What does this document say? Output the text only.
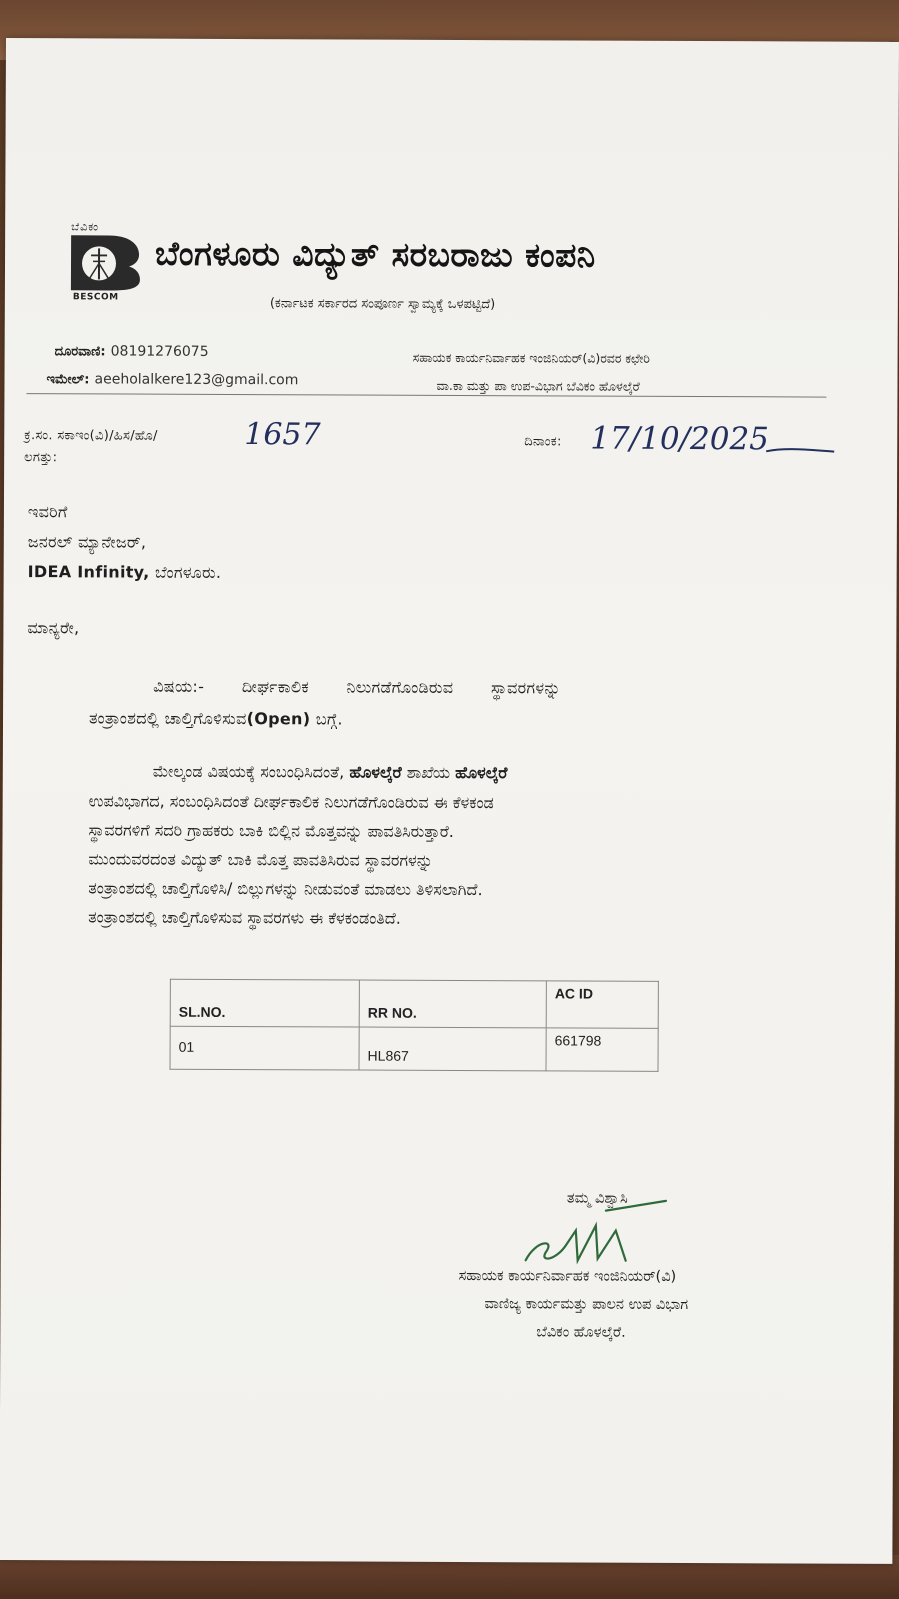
ಬೆವಿಕಂ
BESCOM
ಬೆಂಗಳೂರು ವಿದ್ಯುತ್ ಸರಬರಾಜು ಕಂಪನಿ
(ಕರ್ನಾಟಕ ಸರ್ಕಾರದ ಸಂಪೂರ್ಣ ಸ್ವಾಮ್ಯಕ್ಕೆ ಒಳಪಟ್ಟಿದೆ)
ದೂರವಾಣಿ: 08191276075
ಇಮೇಲ್: aeeholalkere123@gmail.com
ಸಹಾಯಕ ಕಾರ್ಯನಿರ್ವಾಹಕ ಇಂಜಿನಿಯರ್(ವಿ)ರವರ ಕಛೇರಿ
ವಾ.ಕಾ ಮತ್ತು ಪಾ ಉಪ-ವಿಭಾಗ ಬೆವಿಕಂ ಹೊಳಲ್ಕೆರೆ
ಕ್ರ.ಸಂ. ಸಕಾಇಂ(ವಿ)/ಹಿಸ/ಹೊ/	1657
ಲಗತ್ತು:
ದಿನಾಂಕ: 17/10/2025
ಇವರಿಗೆ
ಜನರಲ್ ಮ್ಯಾನೇಜರ್,
IDEA Infinity, ಬೆಂಗಳೂರು.
ಮಾನ್ಯರೇ,
ವಿಷಯ:-       ದೀರ್ಘಕಾಲಿಕ       ನಿಲುಗಡೆಗೊಂಡಿರುವ       ಸ್ಥಾವರಗಳನ್ನು
ತಂತ್ರಾಂಶದಲ್ಲಿ ಚಾಲ್ತಿಗೊಳಿಸುವ(Open) ಬಗ್ಗೆ.
ಮೇಲ್ಕಂಡ ವಿಷಯಕ್ಕೆ ಸಂಬಂಧಿಸಿದಂತೆ, ಹೊಳಲ್ಕೆರೆ ಶಾಖೆಯ ಹೊಳಲ್ಕೆರೆ
ಉಪವಿಭಾಗದ, ಸಂಬಂಧಿಸಿದಂತೆ ದೀರ್ಘಕಾಲಿಕ ನಿಲುಗಡೆಗೊಂಡಿರುವ ಈ ಕೆಳಕಂಡ
ಸ್ಥಾವರಗಳಿಗೆ ಸದರಿ ಗ್ರಾಹಕರು ಬಾಕಿ ಬಿಲ್ಲಿನ ಮೊತ್ತವನ್ನು ಪಾವತಿಸಿರುತ್ತಾರೆ.
ಮುಂದುವರದಂತ ವಿದ್ಯುತ್ ಬಾಕಿ ಮೊತ್ತ ಪಾವತಿಸಿರುವ ಸ್ಥಾವರಗಳನ್ನು
ತಂತ್ರಾಂಶದಲ್ಲಿ ಚಾಲ್ತಿಗೊಳಿಸಿ/ ಬಿಲ್ಲುಗಳನ್ನು ನೀಡುವಂತೆ ಮಾಡಲು ತಿಳಿಸಲಾಗಿದೆ.
ತಂತ್ರಾಂಶದಲ್ಲಿ ಚಾಲ್ತಿಗೊಳಿಸುವ ಸ್ಥಾವರಗಳು ಈ ಕೆಳಕಂಡಂತಿದೆ.
SL.NO.	RR NO.	AC ID
01	HL867	661798
ತಮ್ಮ ವಿಶ್ವಾಸಿ
ಸಹಾಯಕ ಕಾರ್ಯನಿರ್ವಾಹಕ ಇಂಜಿನಿಯರ್(ವಿ)
ವಾಣಿಜ್ಯ ಕಾರ್ಯಮತ್ತು ಪಾಲನ ಉಪ ವಿಭಾಗ
ಬೆವಿಕಂ ಹೊಳಲ್ಕೆರೆ.
